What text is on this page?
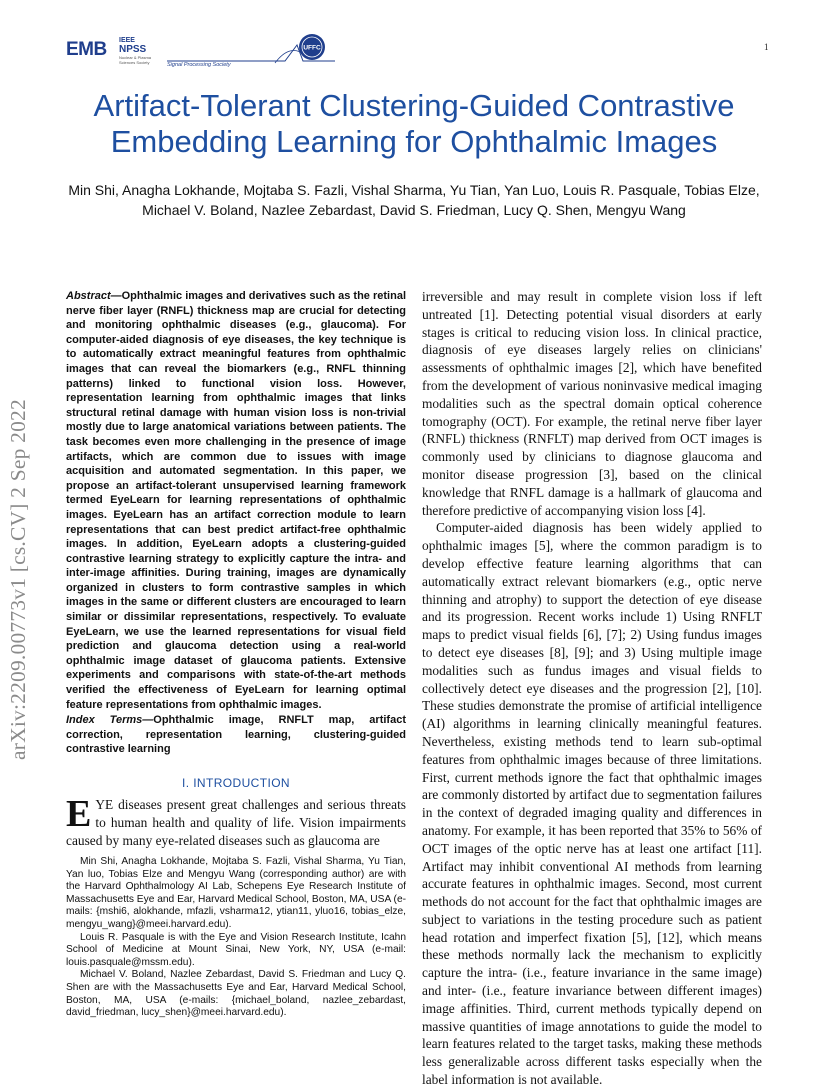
EMB IEEE
NPSS
Nuclear & Plasma Sciences Society	Signal Processing Society
UFFC	1
Artifact-Tolerant Clustering-Guided Contrastive Embedding Learning for Ophthalmic Images
Min Shi, Anagha Lokhande, Mojtaba S. Fazli, Vishal Sharma, Yu Tian, Yan Luo, Louis R. Pasquale, Tobias Elze, Michael V. Boland, Nazlee Zebardast, David S. Friedman, Lucy Q. Shen, Mengyu Wang
arXiv:2209.00773v1 [cs.CV] 2 Sep 2022
Abstract—Ophthalmic images and derivatives such as the retinal nerve fiber layer (RNFL) thickness map are crucial for detecting and monitoring ophthalmic diseases (e.g., glaucoma). For computer-aided diagnosis of eye diseases, the key technique is to automatically extract meaningful features from ophthalmic images that can reveal the biomarkers (e.g., RNFL thinning patterns) linked to functional vision loss. However, representation learning from ophthalmic images that links structural retinal damage with human vision loss is non-trivial mostly due to large anatomical variations between patients. The task becomes even more challenging in the presence of image artifacts, which are common due to issues with image acquisition and automated segmentation. In this paper, we propose an artifact-tolerant unsupervised learning framework termed EyeLearn for learning representations of ophthalmic images. EyeLearn has an artifact correction module to learn representations that can best predict artifact-free ophthalmic images. In addition, EyeLearn adopts a clustering-guided contrastive learning strategy to explicitly capture the intra- and inter-image affinities. During training, images are dynamically organized in clusters to form contrastive samples in which images in the same or different clusters are encouraged to learn similar or dissimilar representations, respectively. To evaluate EyeLearn, we use the learned representations for visual field prediction and glaucoma detection using a real-world ophthalmic image dataset of glaucoma patients. Extensive experiments and comparisons with state-of-the-art methods verified the effectiveness of EyeLearn for learning optimal feature representations from ophthalmic images.
Index Terms—Ophthalmic image, RNFLT map, artifact correction, representation learning, clustering-guided contrastive learning
I. INTRODUCTION
EYE diseases present great challenges and serious threats to human health and quality of life. Vision impairments caused by many eye-related diseases such as glaucoma are

Min Shi, Anagha Lokhande, Mojtaba S. Fazli, Vishal Sharma, Yu Tian, Yan luo, Tobias Elze and Mengyu Wang (corresponding author) are with the Harvard Ophthalmology AI Lab, Schepens Eye Research Institute of Massachusetts Eye and Ear, Harvard Medical School, Boston, MA, USA (e-mails: {mshi6, alokhande, mfazli, vsharma12, ytian11, yluo16, tobias_elze, mengyu_wang}@meei.harvard.edu).

Louis R. Pasquale is with the Eye and Vision Research Institute, Icahn School of Medicine at Mount Sinai, New York, NY, USA (e-mail: louis.pasquale@mssm.edu).

Michael V. Boland, Nazlee Zebardast, David S. Friedman and Lucy Q. Shen are with the Massachusetts Eye and Ear, Harvard Medical School, Boston, MA, USA (e-mails: {michael_boland, nazlee_zebardast, david_friedman, lucy_shen}@meei.harvard.edu).

irreversible and may result in complete vision loss if left untreated [1]. Detecting potential visual disorders at early stages is critical to reducing vision loss. In clinical practice, diagnosis of eye diseases largely relies on clinicians' assessments of ophthalmic images [2], which have benefited from the development of various noninvasive medical imaging modalities such as the spectral domain optical coherence tomography (OCT). For example, the retinal nerve fiber layer (RNFL) thickness (RNFLT) map derived from OCT images is commonly used by clinicians to diagnose glaucoma and monitor disease progression [3], based on the clinical knowledge that RNFL damage is a hallmark of glaucoma and therefore predictive of accompanying vision loss [4].

Computer-aided diagnosis has been widely applied to ophthalmic images [5], where the common paradigm is to develop effective feature learning algorithms that can automatically extract relevant biomarkers (e.g., optic nerve thinning and atrophy) to support the detection of eye disease and its progression. Recent works include 1) Using RNFLT maps to predict visual fields [6], [7]; 2) Using fundus images to detect eye diseases [8], [9]; and 3) Using multiple image modalities such as fundus images and visual fields to collectively detect eye diseases and the progression [2], [10]. These studies demonstrate the promise of artificial intelligence (AI) algorithms in learning clinically meaningful features. Nevertheless, existing methods tend to learn sub-optimal features from ophthalmic images because of three limitations. First, current methods ignore the fact that ophthalmic images are commonly distorted by artifact due to segmentation failures in the context of degraded imaging quality and differences in anatomy. For example, it has been reported that 35% to 56% of OCT images of the optic nerve has at least one artifact [11]. Artifact may inhibit conventional AI methods from learning accurate features in ophthalmic images. Second, most current methods do not account for the fact that ophthalmic images are subject to variations in the testing procedure such as patient head rotation and imperfect fixation [5], [12], which means these methods normally lack the mechanism to explicitly capture the intra- (i.e., feature invariance in the same image) and inter- (i.e., feature invariance between different images) image affinities. Third, current methods typically depend on massive quantities of image annotations to guide the model to learn features related to the target tasks, making these methods less generalizable across different tasks especially when the label information is not available.
